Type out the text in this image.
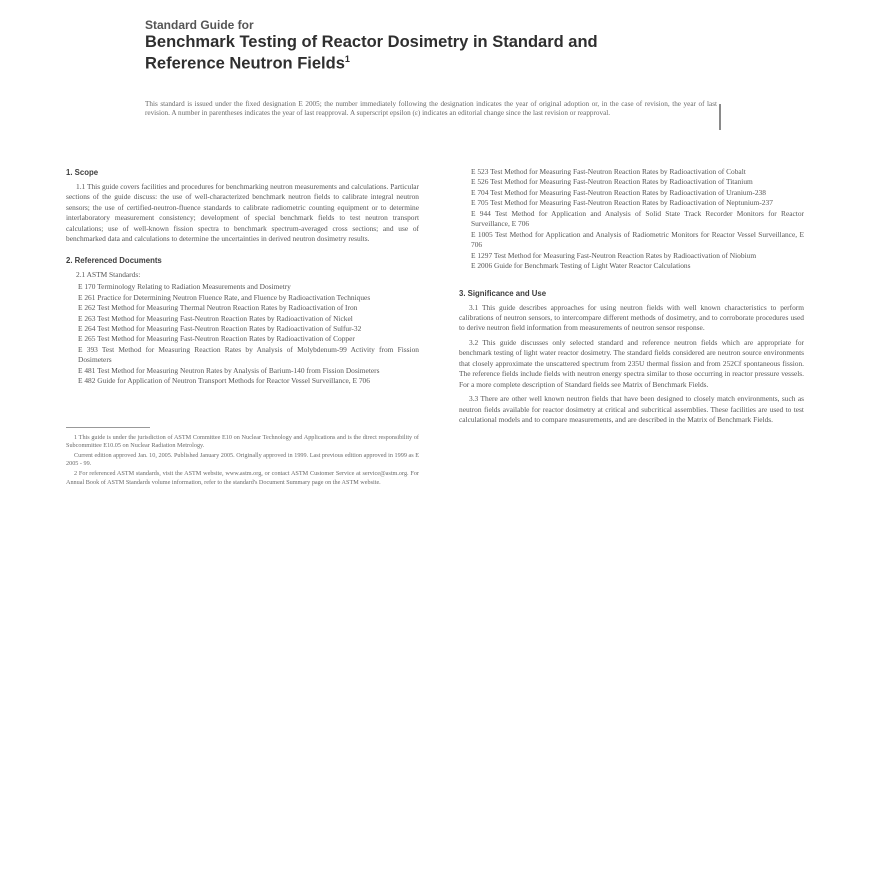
Standard Guide for
Benchmark Testing of Reactor Dosimetry in Standard and
Reference Neutron Fields$^1$
This standard is issued under the fixed designation E 2005; the number immediately following the designation indicates the year of original adoption or, in the case of revision, the year of last revision. A number in parentheses indicates the year of last reapproval. A superscript epsilon (ε) indicates an editorial change since the last revision or reapproval.
1. Scope

1.1 This guide covers facilities and procedures for benchmarking neutron measurements and calculations. Particular sections of the guide discuss: the use of well-characterized benchmark neutron fields to calibrate integral neutron sensors; the use of certified-neutron-fluence standards to calibrate radiometric counting equipment or to determine interlaboratory measurement consistency; development of special benchmark fields to test neutron transport calculations; use of well-known fission spectra to benchmark spectrum-averaged cross sections; and use of benchmarked data and calculations to determine the uncertainties in derived neutron dosimetry results.

2. Referenced Documents

2.1 ASTM Standards:

E 170 Terminology Relating to Radiation Measurements and Dosimetry

E 261 Practice for Determining Neutron Fluence Rate, and Fluence by Radioactivation Techniques

E 262 Test Method for Measuring Thermal Neutron Reaction Rates by Radioactivation of Iron

E 263 Test Method for Measuring Fast-Neutron Reaction Rates by Radioactivation of Nickel

E 264 Test Method for Measuring Fast-Neutron Reaction Rates by Radioactivation of Sulfur-32

E 265 Test Method for Measuring Fast-Neutron Reaction Rates by Radioactivation of Copper

E 393 Test Method for Measuring Reaction Rates by Analysis of Molybdenum-99 Activity from Fission Dosimeters

E 481 Test Method for Measuring Neutron Rates by Analysis of Barium-140 from Fission Dosimeters

E 482 Guide for Application of Neutron Transport Methods for Reactor Vessel Surveillance, E 706

1 This guide is under the jurisdiction of ASTM Committee E10 on Nuclear Technology and Applications and is the direct responsibility of Subcommittee E10.05 on Nuclear Radiation Metrology.

Current edition approved Jan. 10, 2005. Published January 2005. Originally approved in 1999. Last previous edition approved in 1999 as E 2005 - 99.

2 For referenced ASTM standards, visit the ASTM website, www.astm.org, or contact ASTM Customer Service at service@astm.org. For Annual Book of ASTM Standards volume information, refer to the standard's Document Summary page on the ASTM website.

E 523 Test Method for Measuring Fast-Neutron Reaction Rates by Radioactivation of Cobalt

E 526 Test Method for Measuring Fast-Neutron Reaction Rates by Radioactivation of Titanium

E 704 Test Method for Measuring Fast-Neutron Reaction Rates by Radioactivation of Uranium-238

E 705 Test Method for Measuring Fast-Neutron Reaction Rates by Radioactivation of Neptunium-237

E 944 Test Method for Application and Analysis of Solid State Track Recorder Monitors for Reactor Surveillance, E 706

E 1005 Test Method for Application and Analysis of Radiometric Monitors for Reactor Vessel Surveillance, E 706

E 1297 Test Method for Measuring Fast-Neutron Reaction Rates by Radioactivation of Niobium

E 2006 Guide for Benchmark Testing of Light Water Reactor Calculations

3. Significance and Use

3.1 This guide describes approaches for using neutron fields with well known characteristics to perform calibrations of neutron sensors, to intercompare different methods of dosimetry, and to corroborate procedures used to derive neutron field information from measurements of neutron sensor response.

3.2 This guide discusses only selected standard and reference neutron fields which are appropriate for benchmark testing of light water reactor dosimetry. The standard fields considered are neutron source environments that closely approximate the unscattered spectrum from 235U thermal fission and from 252Cf spontaneous fission. The reference fields include fields with neutron energy spectra similar to those occurring in reactor pressure vessels. For a more complete description of Standard fields see Matrix of Benchmark Fields.

3.3 There are other well known neutron fields that have been designed to closely match environments, such as neutron fields available for reactor dosimetry at critical and subcritical assemblies. These facilities are used to test calculational models and to compare measurements, and are described in the Matrix of Benchmark Fields.
